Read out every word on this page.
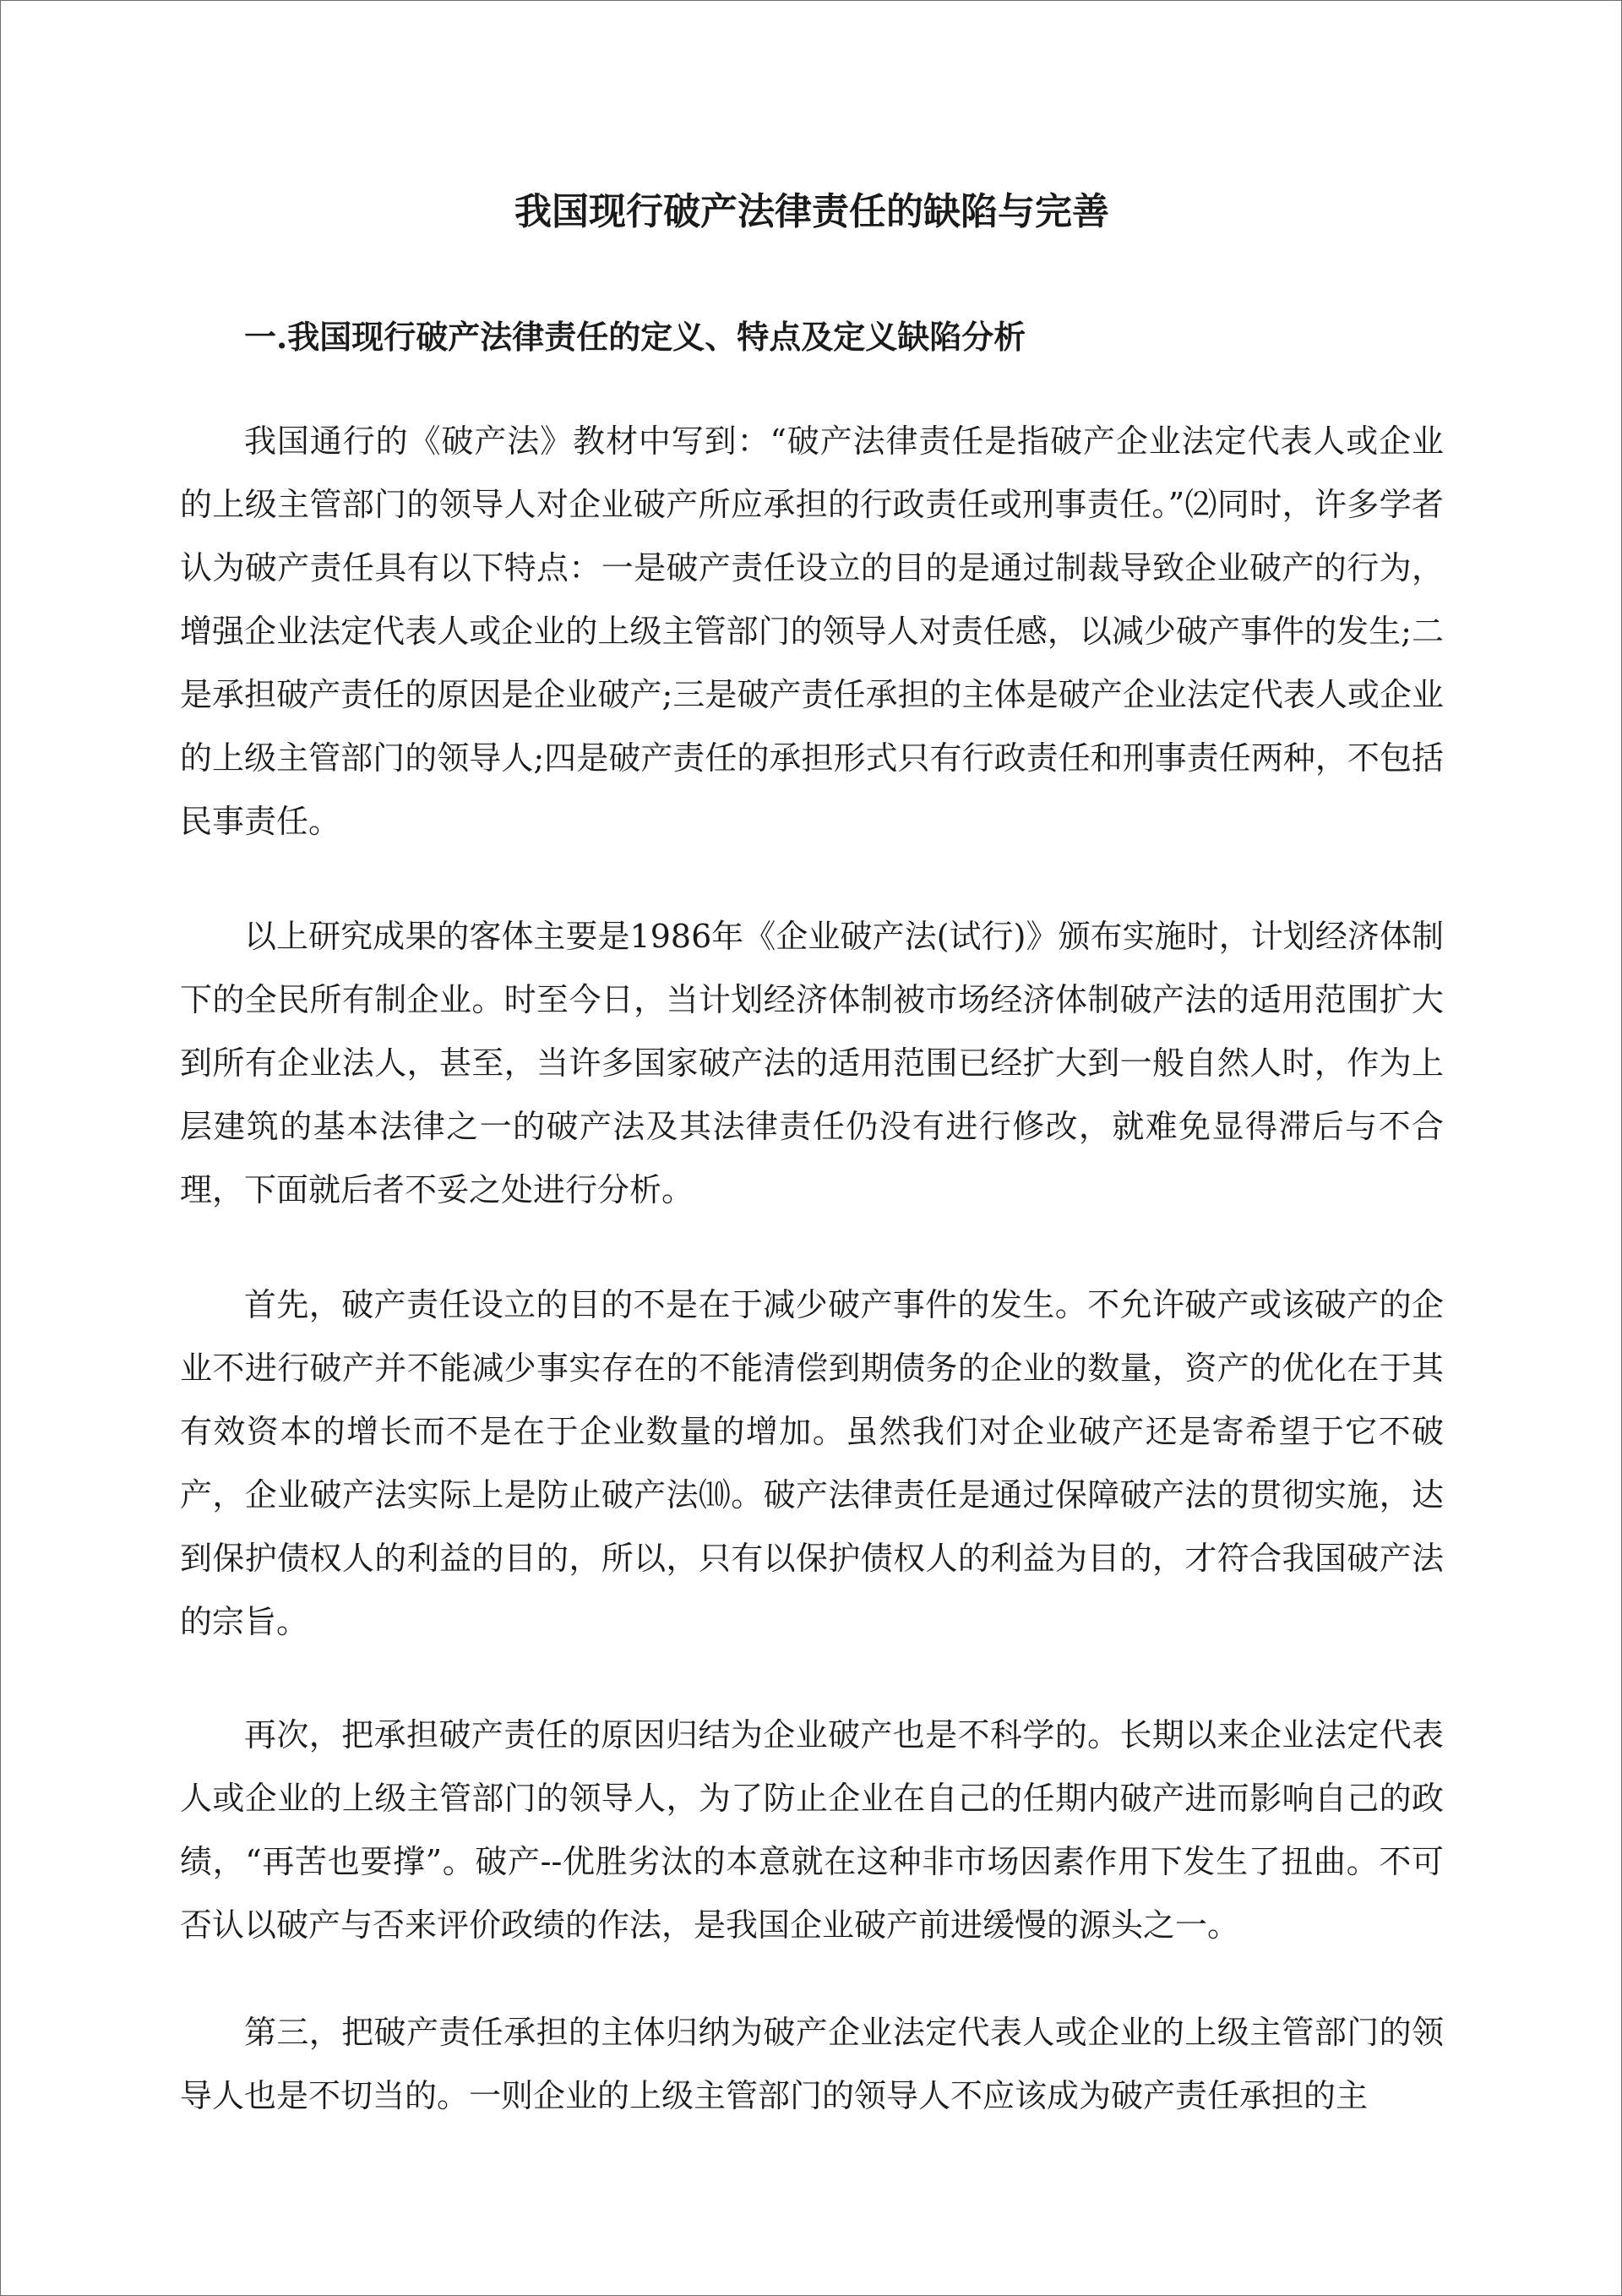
我国现行破产法律责任的缺陷与完善
一.我国现行破产法律责任的定义、特点及定义缺陷分析

我国通行的《破产法》教材中写到：“破产法律责任是指破产企业法定代表人或企业的上级主管部门的领导人对企业破产所应承担的行政责任或刑事责任。”⑵同时，许多学者认为破产责任具有以下特点：一是破产责任设立的目的是通过制裁导致企业破产的行为，增强企业法定代表人或企业的上级主管部门的领导人对责任感，以减少破产事件的发生;二是承担破产责任的原因是企业破产;三是破产责任承担的主体是破产企业法定代表人或企业的上级主管部门的领导人;四是破产责任的承担形式只有行政责任和刑事责任两种，不包括民事责任。

以上研究成果的客体主要是1986年《企业破产法(试行)》颁布实施时，计划经济体制下的全民所有制企业。时至今日，当计划经济体制被市场经济体制破产法的适用范围扩大到所有企业法人，甚至，当许多国家破产法的适用范围已经扩大到一般自然人时，作为上层建筑的基本法律之一的破产法及其法律责任仍没有进行修改，就难免显得滞后与不合理，下面就后者不妥之处进行分析。

首先，破产责任设立的目的不是在于减少破产事件的发生。不允许破产或该破产的企业不进行破产并不能减少事实存在的不能清偿到期债务的企业的数量，资产的优化在于其有效资本的增长而不是在于企业数量的增加。虽然我们对企业破产还是寄希望于它不破产，企业破产法实际上是防止破产法⑽。破产法律责任是通过保障破产法的贯彻实施，达到保护债权人的利益的目的，所以，只有以保护债权人的利益为目的，才符合我国破产法的宗旨。

再次，把承担破产责任的原因归结为企业破产也是不科学的。长期以来企业法定代表人或企业的上级主管部门的领导人，为了防止企业在自己的任期内破产进而影响自己的政绩，“再苦也要撑”。破产--优胜劣汰的本意就在这种非市场因素作用下发生了扭曲。不可否认以破产与否来评价政绩的作法，是我国企业破产前进缓慢的源头之一。

第三，把破产责任承担的主体归纳为破产企业法定代表人或企业的上级主管部门的领导人也是不切当的。一则企业的上级主管部门的领导人不应该成为破产责任承担的主
